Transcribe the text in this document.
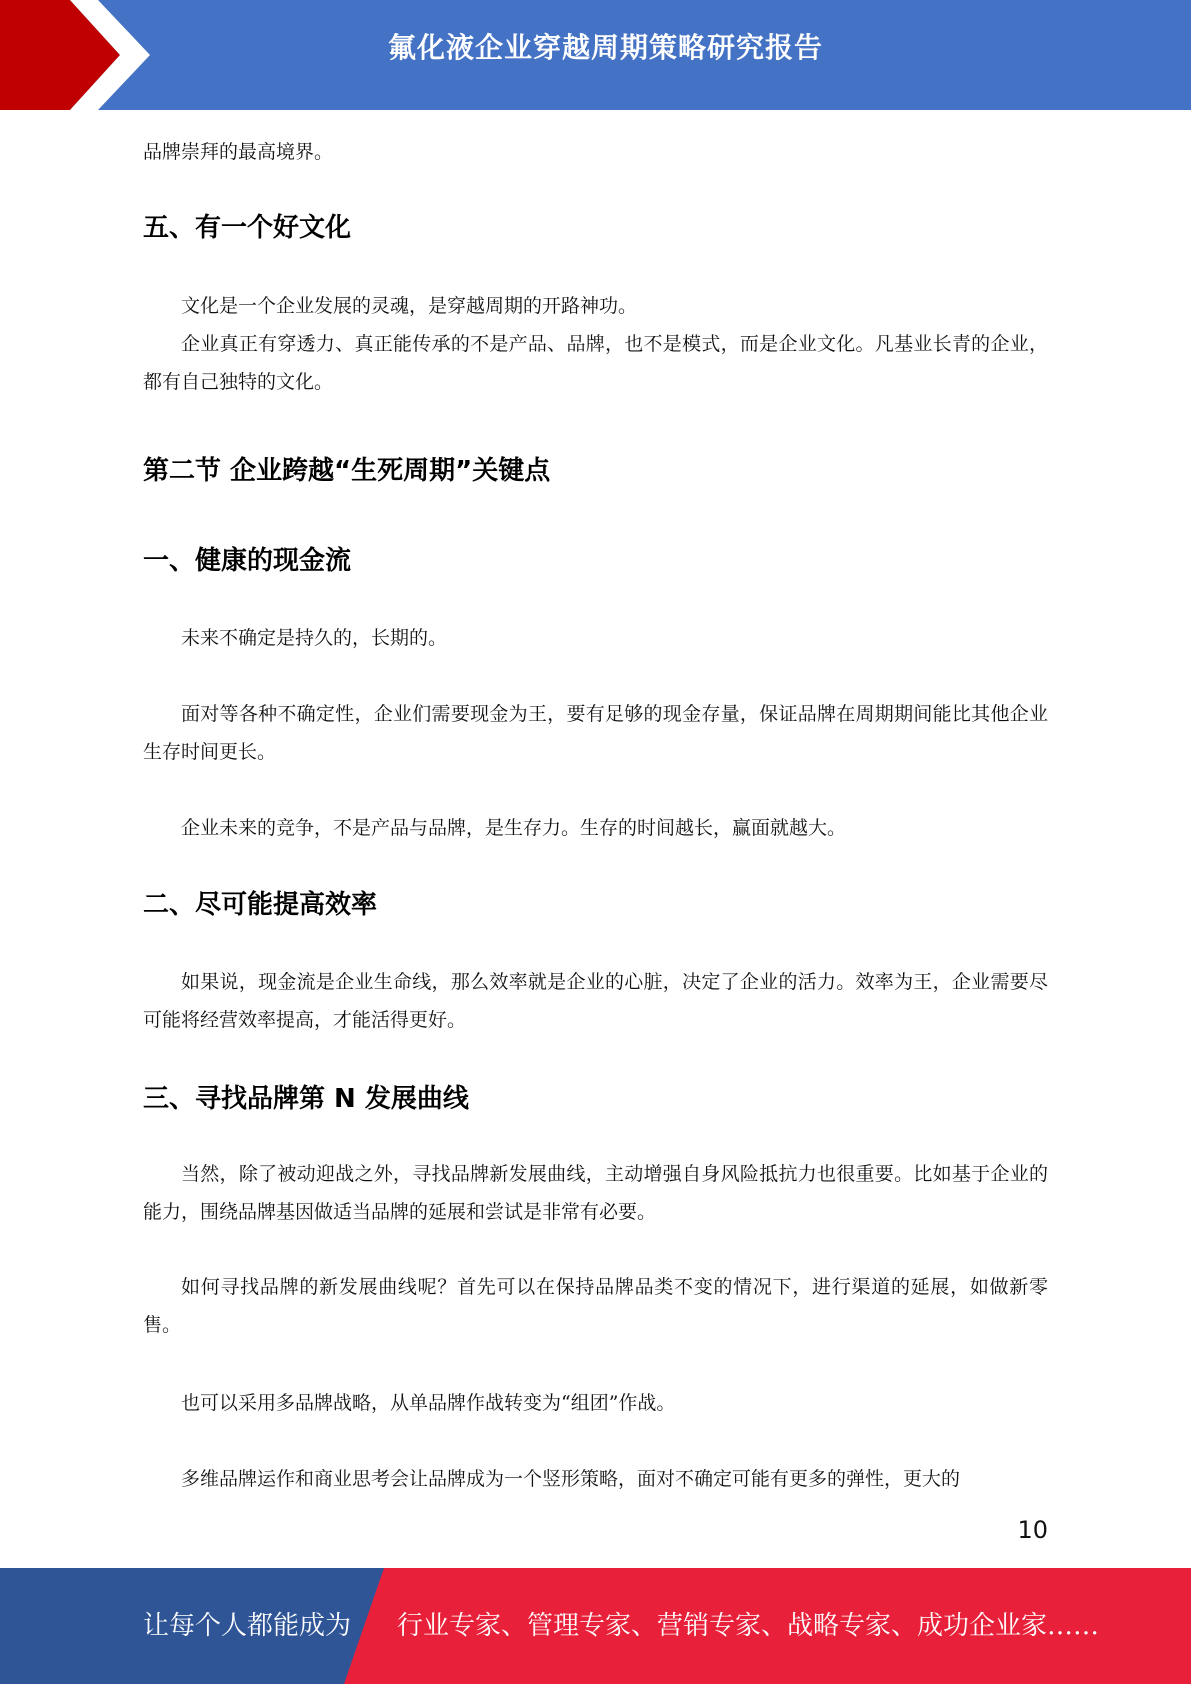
氟化液企业穿越周期策略研究报告

品牌崇拜的最高境界。

五、有一个好文化

文化是一个企业发展的灵魂，是穿越周期的开路神功。

企业真正有穿透力、真正能传承的不是产品、品牌，也不是模式，而是企业文化。凡基业长青的企业，都有自己独特的文化。

第二节 企业跨越“生死周期”关键点
一、健康的现金流

未来不确定是持久的，长期的。

面对等各种不确定性，企业们需要现金为王，要有足够的现金存量，保证品牌在周期期间能比其他企业生存时间更长。

企业未来的竞争，不是产品与品牌，是生存力。生存的时间越长，赢面就越大。

二、尽可能提高效率

如果说，现金流是企业生命线，那么效率就是企业的心脏，决定了企业的活力。效率为王，企业需要尽可能将经营效率提高，才能活得更好。

三、寻找品牌第 N 发展曲线

当然，除了被动迎战之外，寻找品牌新发展曲线，主动增强自身风险抵抗力也很重要。比如基于企业的能力，围绕品牌基因做适当品牌的延展和尝试是非常有必要。

如何寻找品牌的新发展曲线呢？首先可以在保持品牌品类不变的情况下，进行渠道的延展，如做新零售。

也可以采用多品牌战略，从单品牌作战转变为“组团”作战。

多维品牌运作和商业思考会让品牌成为一个竖形策略，面对不确定可能有更多的弹性，更大的

10
让每个人都能成为 行业专家、管理专家、营销专家、战略专家、成功企业家……
